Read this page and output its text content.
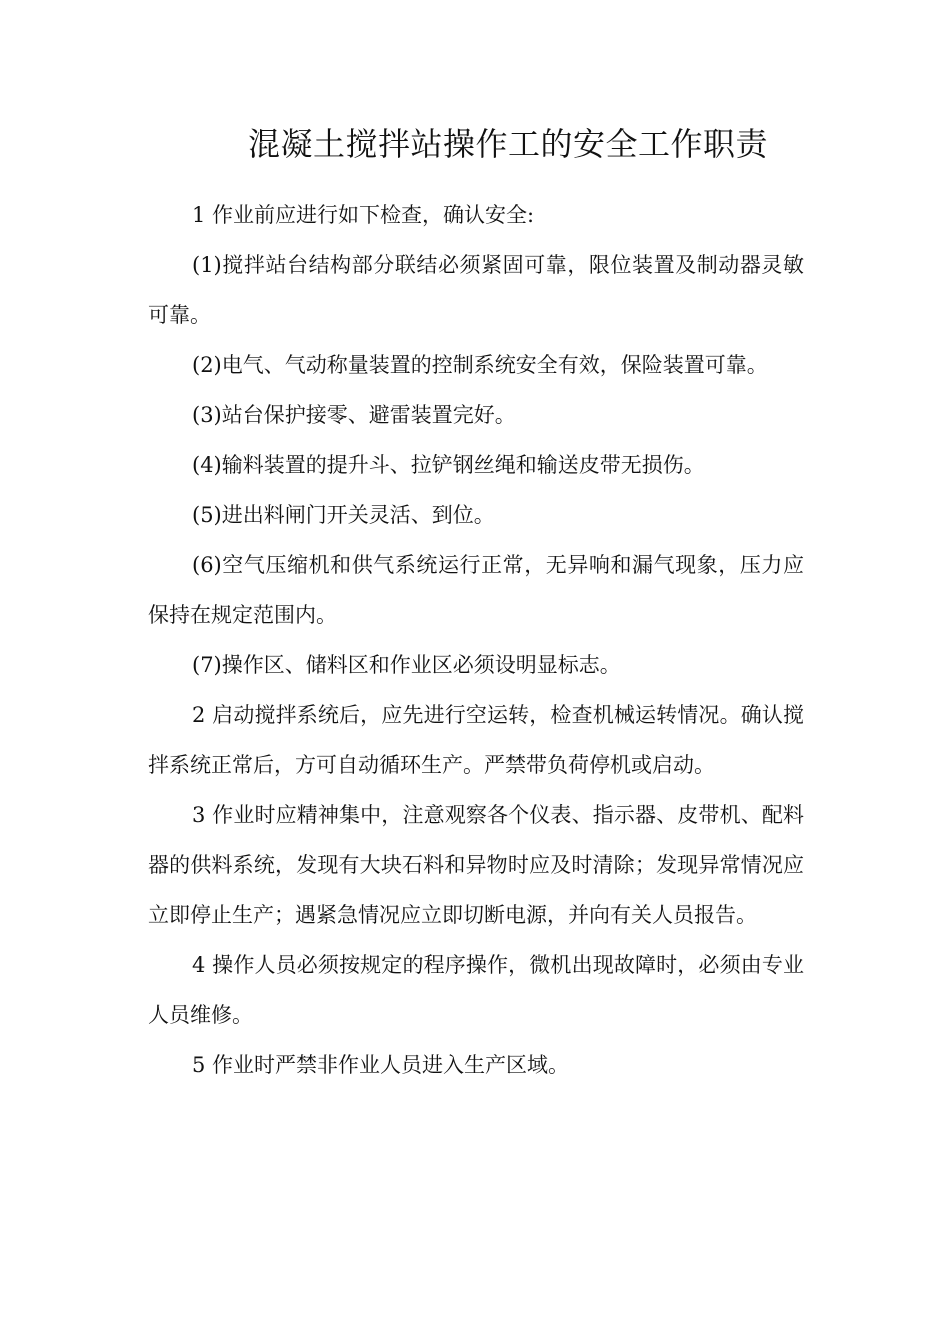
混凝土搅拌站操作工的安全工作职责

1 作业前应进行如下检查，确认安全:

(1)搅拌站台结构部分联结必须紧固可靠，限位装置及制动器灵敏可靠。

(2)电气、气动称量装置的控制系统安全有效，保险装置可靠。

(3)站台保护接零、避雷装置完好。

(4)输料装置的提升斗、拉铲钢丝绳和输送皮带无损伤。

(5)进出料闸门开关灵活、到位。

(6)空气压缩机和供气系统运行正常，无异响和漏气现象，压力应保持在规定范围内。

(7)操作区、储料区和作业区必须设明显标志。

2 启动搅拌系统后，应先进行空运转，检查机械运转情况。确认搅拌系统正常后，方可自动循环生产。严禁带负荷停机或启动。

3 作业时应精神集中，注意观察各个仪表、指示器、皮带机、配料器的供料系统，发现有大块石料和异物时应及时清除；发现异常情况应立即停止生产；遇紧急情况应立即切断电源，并向有关人员报告。

4 操作人员必须按规定的程序操作，微机出现故障时，必须由专业人员维修。

5 作业时严禁非作业人员进入生产区域。
